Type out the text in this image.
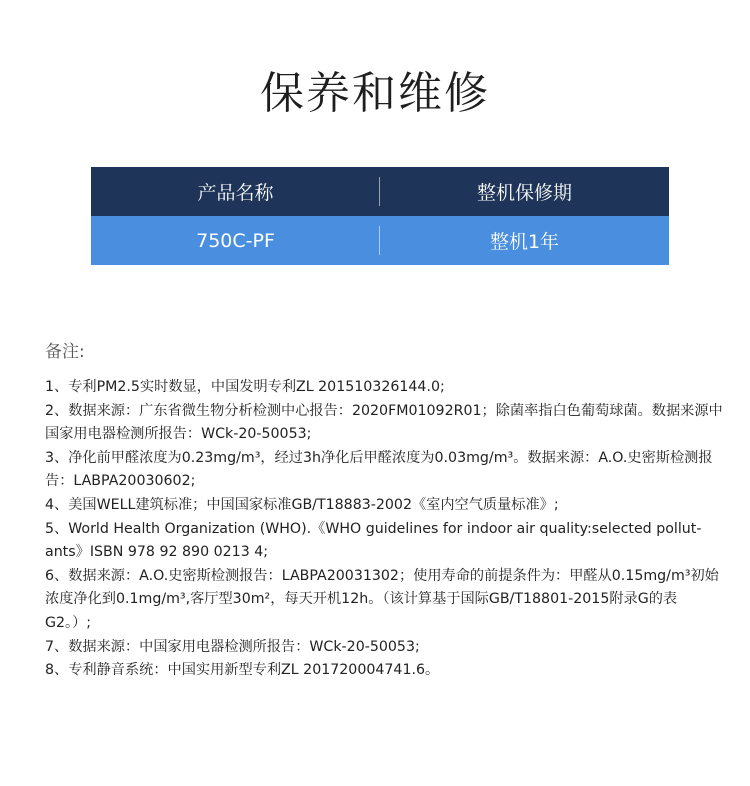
保养和维修
产品名称	整机保修期
750C-PF	整机1年
备注:
1、专利PM2.5实时数显，中国发明专利ZL 201510326144.0;
2、数据来源：广东省微生物分析检测中心报告：2020FM01092R01；除菌率指白色葡萄球菌。数据来源中
国家用电器检测所报告：WCk-20-50053;
3、净化前甲醛浓度为0.23mg/m³，经过3h净化后甲醛浓度为0.03mg/m³。数据来源：A.O.史密斯检测报
告：LABPA20030602;
4、美国WELL建筑标准；中国国家标准GB/T18883-2002《室内空气质量标准》;
5、World Health Organization (WHO).《WHO guidelines for indoor air quality:selected pollut-
ants》ISBN 978 92 890 0213 4;
6、数据来源：A.O.史密斯检测报告：LABPA20031302；使用寿命的前提条件为：甲醛从0.15mg/m³初始
浓度净化到0.1mg/m³,客厅型30m²，每天开机12h。（该计算基于国际GB/T18801-2015附录G的表
G2。）;
7、数据来源：中国家用电器检测所报告：WCk-20-50053;
8、专利静音系统：中国实用新型专利ZL 201720004741.6。
